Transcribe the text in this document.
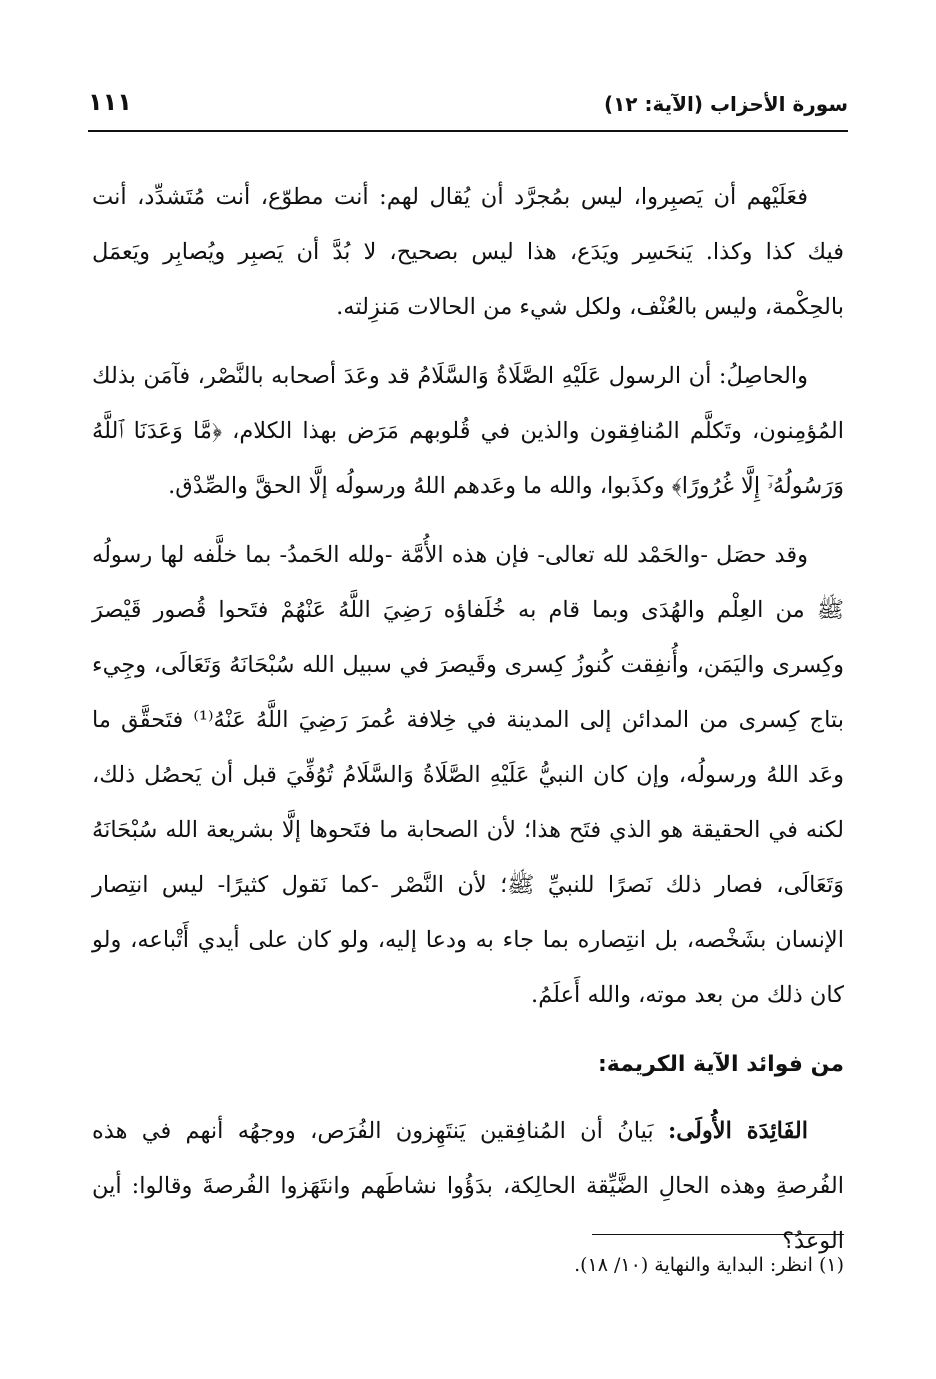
سورة الأحزاب (الآية: ١٢)
١١١

فعَلَيْهم أن يَصبِروا، ليس بمُجرَّد أن يُقال لهم: أنت مطوّع، أنت مُتَشدِّد، أنت فيك كذا وكذا. يَنحَسِر ويَدَع، هذا ليس بصحيح، لا بُدَّ أن يَصبِر ويُصابِر ويَعمَل بالحِكْمة، وليس بالعُنْف، ولكل شيء من الحالات مَنزِلته.

والحاصِلُ: أن الرسول عَلَيْهِ الصَّلَاةُ وَالسَّلَامُ قد وعَدَ أصحابه بالنَّصْر، فآمَن بذلك المُؤمِنون، وتَكلَّم المُنافِقون والذين في قُلوبهم مَرَض بهذا الكلام، ﴿مَّا وَعَدَنَا ٱللَّهُ وَرَسُولُهُۥٓ إِلَّا غُرُورًا﴾ وكذَبوا، والله ما وعَدهم اللهُ ورسولُه إلَّا الحقَّ والصِّدْق.

وقد حصَل -والحَمْد لله تعالى- فإن هذه الأُمَّة -ولله الحَمدُ- بما خلَّفه لها رسولُه ﷺ من العِلْم والهُدَى وبما قام به خُلَفاؤه رَضِيَ اللَّهُ عَنْهُمْ فتَحوا قُصور قَيْصرَ وكِسرى واليَمَن، وأُنفِقت كُنوزُ كِسرى وقَيصرَ في سبيل الله سُبْحَانَهُ وَتَعَالَى، وجِيء بتاج كِسرى من المدائن إلى المدينة في خِلافة عُمرَ رَضِيَ اللَّهُ عَنْهُ⁽¹⁾ فتَحقَّق ما وعَد اللهُ ورسولُه، وإن كان النبيُّ عَلَيْهِ الصَّلَاةُ وَالسَّلَامُ تُوُفِّيَ قبل أن يَحصُل ذلك، لكنه في الحقيقة هو الذي فتَح هذا؛ لأن الصحابة ما فتَحوها إلَّا بشريعة الله سُبْحَانَهُ وَتَعَالَى، فصار ذلك نَصرًا للنبيِّ ﷺ؛ لأن النَّصْر -كما نَقول كثيرًا- ليس انتِصار الإنسان بشَخْصه، بل انتِصاره بما جاء به ودعا إليه، ولو كان على أيدي أَتْباعه، ولو كان ذلك من بعد موته، والله أَعلَمُ.

من فوائد الآية الكريمة:

الفَائِدَة الأُولَى: بَيانُ أن المُنافِقين يَنتَهِزون الفُرَص، ووجهُه أنهم في هذه الفُرصةِ وهذه الحالِ الضَّيِّقة الحالِكة، بدَؤُوا نشاطَهم وانتَهَزوا الفُرصةَ وقالوا: أين الوعدُ؟

(١) انظر: البداية والنهاية (١٠/ ١٨).
